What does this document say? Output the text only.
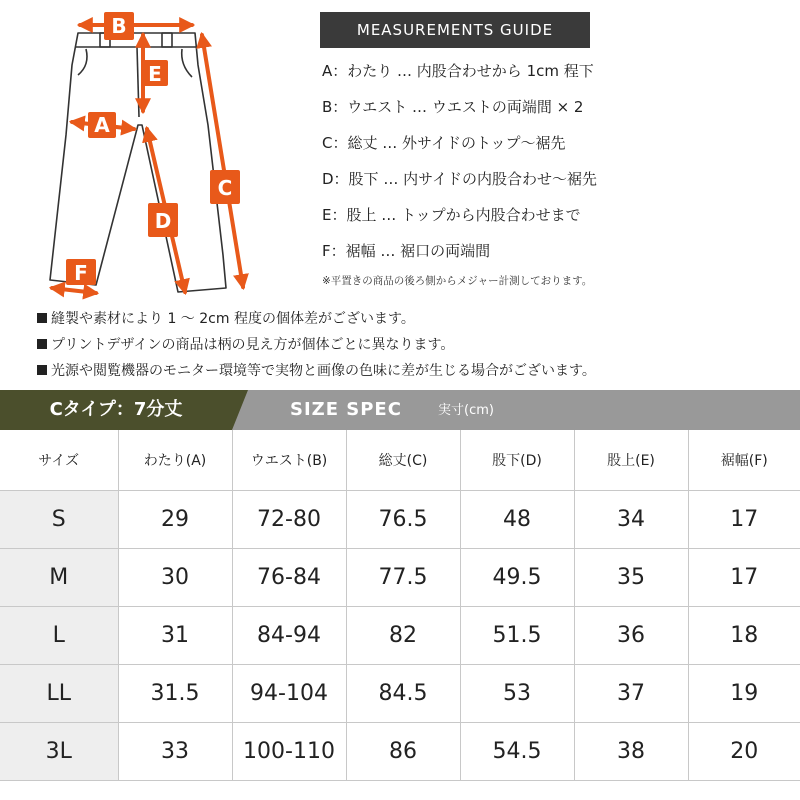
B
E
A
C
D
F
MEASUREMENTS GUIDE
A：わたり … 内股合わせから 1cm 程下
B：ウエスト … ウエストの両端間 × 2
C：総丈 … 外サイドのトップ～裾先
D：股下 … 内サイドの内股合わせ～裾先
E：股上 … トップから内股合わせまで
F：裾幅 … 裾口の両端間
※平置きの商品の後ろ側からメジャー計測しております。
縫製や素材により 1 ～ 2cm 程度の個体差がございます。
プリントデザインの商品は柄の見え方が個体ごとに異なります。
光源や閲覧機器のモニター環境等で実物と画像の色味に差が生じる場合がございます。
Cタイプ：7分丈	SIZE SPEC	実寸(cm)
サイズ	わたり(A)	ウエスト(B)	総丈(C)	股下(D)	股上(E)	裾幅(F)
S	29	72-80	76.5	48	34	17
M	30	76-84	77.5	49.5	35	17
L	31	84-94	82	51.5	36	18
LL	31.5	94-104	84.5	53	37	19
3L	33	100-110	86	54.5	38	20
